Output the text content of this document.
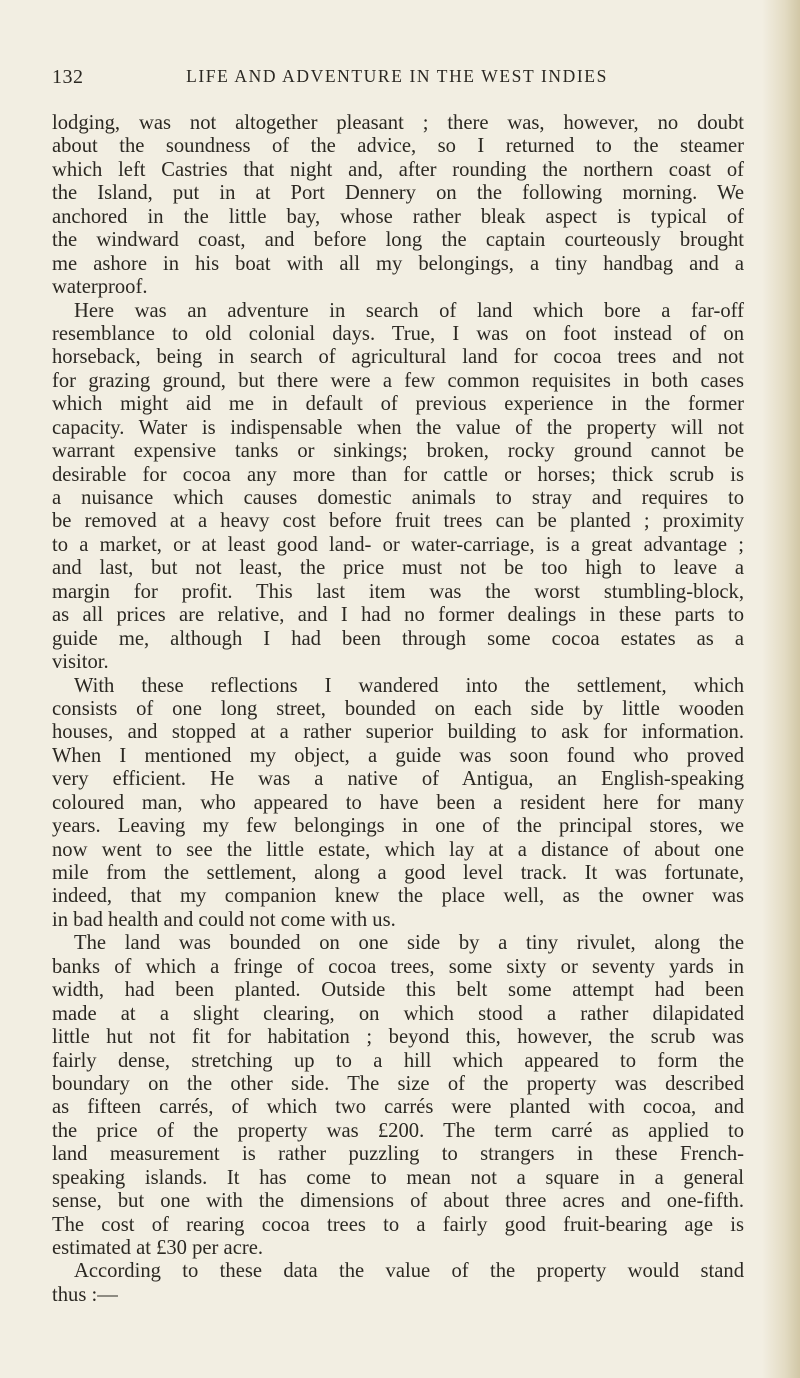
132	LIFE AND ADVENTURE IN THE WEST INDIES
lodging, was not altogether pleasant ; there was, however, no doubt
about the soundness of the advice, so I returned to the steamer
which left Castries that night and, after rounding the northern coast of
the Island, put in at Port Dennery on the following morning. We
anchored in the little bay, whose rather bleak aspect is typical of
the windward coast, and before long the captain courteously brought
me ashore in his boat with all my belongings, a tiny handbag and a
waterproof.
Here was an adventure in search of land which bore a far-off
resemblance to old colonial days. True, I was on foot instead of on
horseback, being in search of agricultural land for cocoa trees and not
for grazing ground, but there were a few common requisites in both cases
which might aid me in default of previous experience in the former
capacity. Water is indispensable when the value of the property will not
warrant expensive tanks or sinkings; broken, rocky ground cannot be
desirable for cocoa any more than for cattle or horses; thick scrub is
a nuisance which causes domestic animals to stray and requires to
be removed at a heavy cost before fruit trees can be planted ; proximity
to a market, or at least good land- or water-carriage, is a great advantage ;
and last, but not least, the price must not be too high to leave a
margin for profit. This last item was the worst stumbling-block,
as all prices are relative, and I had no former dealings in these parts to
guide me, although I had been through some cocoa estates as a
visitor.
With these reflections I wandered into the settlement, which
consists of one long street, bounded on each side by little wooden
houses, and stopped at a rather superior building to ask for information.
When I mentioned my object, a guide was soon found who proved
very efficient. He was a native of Antigua, an English-speaking
coloured man, who appeared to have been a resident here for many
years. Leaving my few belongings in one of the principal stores, we
now went to see the little estate, which lay at a distance of about one
mile from the settlement, along a good level track. It was fortunate,
indeed, that my companion knew the place well, as the owner was
in bad health and could not come with us.
The land was bounded on one side by a tiny rivulet, along the
banks of which a fringe of cocoa trees, some sixty or seventy yards in
width, had been planted. Outside this belt some attempt had been
made at a slight clearing, on which stood a rather dilapidated
little hut not fit for habitation ; beyond this, however, the scrub was
fairly dense, stretching up to a hill which appeared to form the
boundary on the other side. The size of the property was described
as fifteen carrés, of which two carrés were planted with cocoa, and
the price of the property was £200. The term carré as applied to
land measurement is rather puzzling to strangers in these French-
speaking islands. It has come to mean not a square in a general
sense, but one with the dimensions of about three acres and one-fifth.
The cost of rearing cocoa trees to a fairly good fruit-bearing age is
estimated at £30 per acre.
According to these data the value of the property would stand
thus :—
